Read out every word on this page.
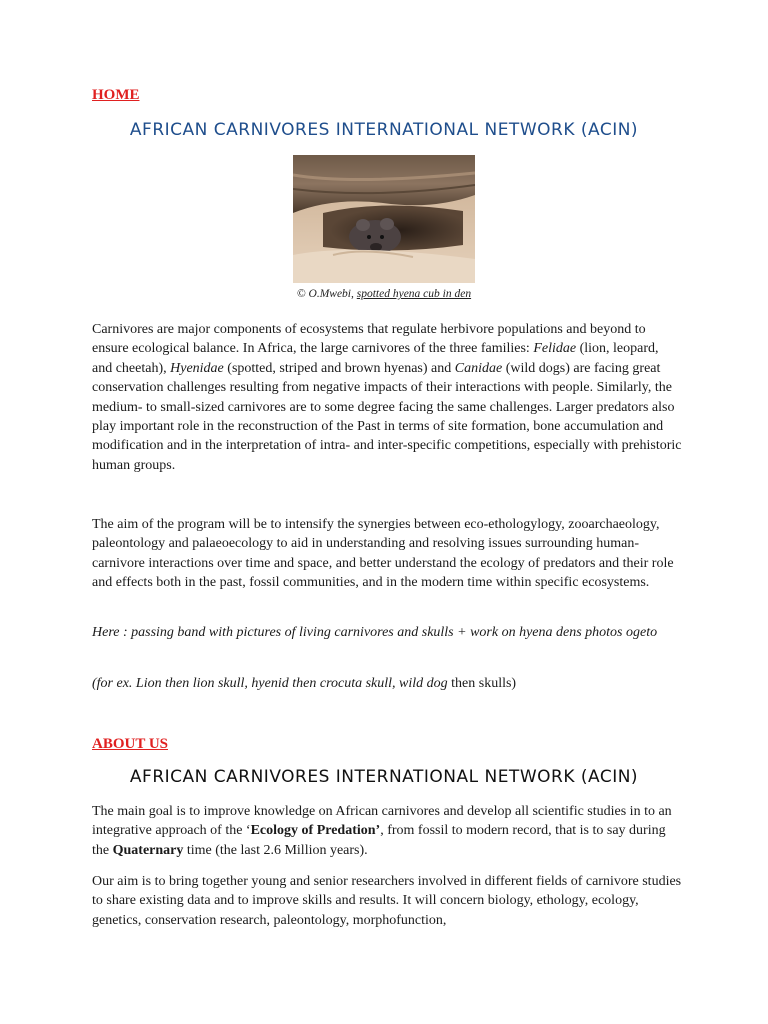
HOME
AFRICAN CARNIVORES INTERNATIONAL NETWORK (ACIN)
© O.Mwebi, spotted hyena cub in den
Carnivores are major components of ecosystems that regulate herbivore populations and beyond to ensure ecological balance. In Africa, the large carnivores of the three families: Felidae (lion, leopard, and cheetah), Hyenidae (spotted, striped and brown hyenas) and Canidae (wild dogs) are facing great conservation challenges resulting from negative impacts of their interactions with people. Similarly, the medium- to small-sized carnivores are to some degree facing the same challenges. Larger predators also play important role in the reconstruction of the Past in terms of site formation, bone accumulation and modification and in the interpretation of intra- and inter-specific competitions, especially with prehistoric human groups.
The aim of the program will be to intensify the synergies between eco-ethologylogy, zooarchaeology, paleontology and palaeoecology to aid in understanding and resolving issues surrounding human-carnivore interactions over time and space, and better understand the ecology of predators and their role and effects both in the past, fossil communities, and in the modern time within specific ecosystems.
Here : passing band with pictures of living carnivores and skulls + work on hyena dens photos ogeto
(for ex. Lion then lion skull, hyenid then crocuta skull, wild dog then skulls)
ABOUT US
AFRICAN CARNIVORES INTERNATIONAL NETWORK (ACIN)
The main goal is to improve knowledge on African carnivores and develop all scientific studies in to an integrative approach of the ‘Ecology of Predation’, from fossil to modern record, that is to say during the Quaternary time (the last 2.6 Million years).
Our aim is to bring together young and senior researchers involved in different fields of carnivore studies to share existing data and to improve skills and results. It will concern biology, ethology, ecology, genetics, conservation research, paleontology, morphofunction,
